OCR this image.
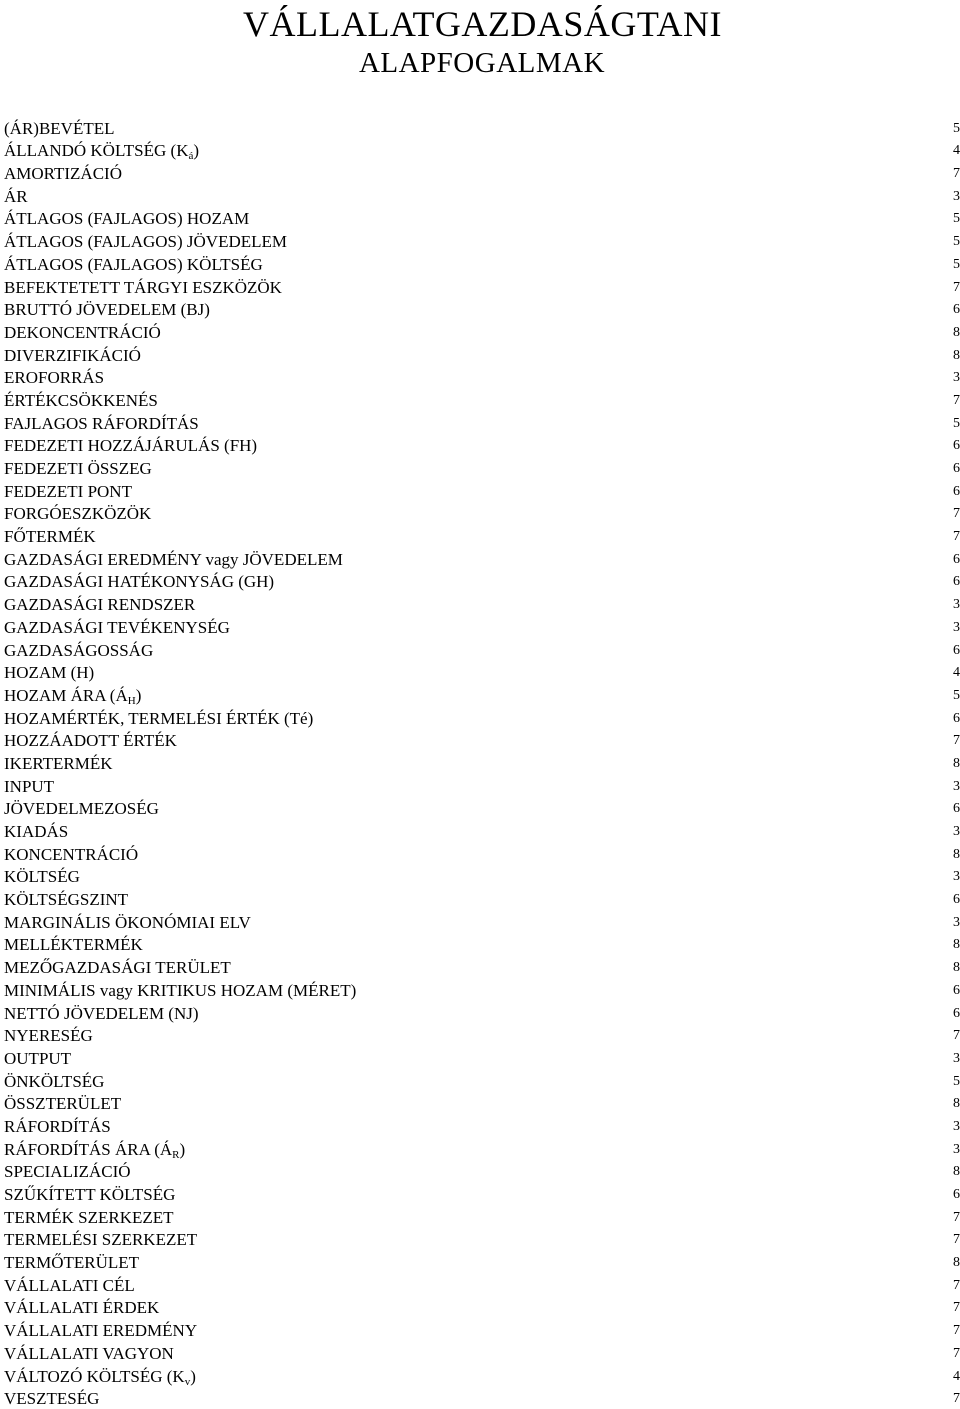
VÁLLALATGAZDASÁGTANI
ALAPFOGALMAK
(ÁR)BEVÉTEL .....	5
ÁLLANDÓ KÖLTSÉG $(K_á)$ .....	4
AMORTIZÁCIÓ .....	7
ÁR .....	3
ÁTLAGOS (FAJLAGOS) HOZAM .....	5
ÁTLAGOS (FAJLAGOS) JÖVEDELEM .....	5
ÁTLAGOS (FAJLAGOS) KÖLTSÉG .....	5
BEFEKTETETT TÁRGYI ESZKÖZÖK .....	7
BRUTTÓ JÖVEDELEM (BJ) .....	6
DEKONCENTRÁCIÓ .....	8
DIVERZIFIKÁCIÓ .....	8
EROFORRÁS .....	3
ÉRTÉKCSÖKKENÉS .....	7
FAJLAGOS RÁFORDÍTÁS .....	5
FEDEZETI HOZZÁJÁRULÁS (FH) .....	6
FEDEZETI ÖSSZEG .....	6
FEDEZETI PONT .....	6
FORGÓESZKÖZÖK .....	7
FŐTERMÉK .....	7
GAZDASÁGI EREDMÉNY vagy JÖVEDELEM .....	6
GAZDASÁGI HATÉKONYSÁG (GH) .....	6
GAZDASÁGI RENDSZER .....	3
GAZDASÁGI TEVÉKENYSÉG .....	3
GAZDASÁGOSSÁG .....	6
HOZAM (H) .....	4
HOZAM ÁRA $(Á_H)$ .....	5
HOZAMÉRTÉK, TERMELÉSI ÉRTÉK (Té) .....	6
HOZZÁADOTT ÉRTÉK .....	7
IKERTERMÉK .....	8
INPUT .....	3
JÖVEDELMEZOSÉG .....	6
KIADÁS .....	3
KONCENTRÁCIÓ .....	8
KÖLTSÉG .....	3
KÖLTSÉGSZINT .....	6
MARGINÁLIS ÖKONÓMIAI ELV .....	3
MELLÉKTERMÉK .....	8
MEZŐGAZDASÁGI TERÜLET .....	8
MINIMÁLIS vagy KRITIKUS HOZAM (MÉRET) .....	6
NETTÓ JÖVEDELEM (NJ) .....	6
NYERESÉG .....	7
OUTPUT .....	3
ÖNKÖLTSÉG .....	5
ÖSSZTERÜLET .....	8
RÁFORDÍTÁS .....	3
RÁFORDÍTÁS ÁRA $(Á_R)$ .....	3
SPECIALIZÁCIÓ .....	8
SZŰKÍTETT KÖLTSÉG .....	6
TERMÉK SZERKEZET .....	7
TERMELÉSI SZERKEZET .....	7
TERMŐTERÜLET .....	8
VÁLLALATI CÉL .....	7
VÁLLALATI ÉRDEK .....	7
VÁLLALATI EREDMÉNY .....	7
VÁLLALATI VAGYON .....	7
VÁLTOZÓ KÖLTSÉG $(K_v)$ .....	4
VESZTESÉG .....	7
